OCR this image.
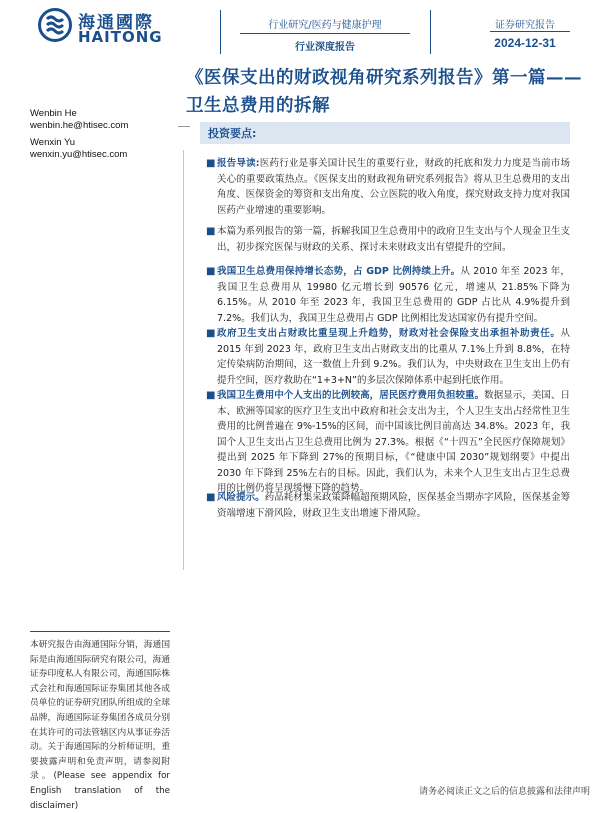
海通國際
HAITONG
行业研究/医药与健康护理
行业深度报告
证券研究报告
2024-12-31
《医保支出的财政视角研究系列报告》第一篇——卫生总费用的拆解
Wenbin He
wenbin.he@htisec.com
Wenxin Yu
wenxin.yu@htisec.com
投资要点:
■ 报告导读:医药行业是事关国计民生的重要行业，财政的托底和发力力度是当前市场关心的重要政策热点。《医保支出的财政视角研究系列报告》将从卫生总费用的支出角度、医保资金的筹资和支出角度、公立医院的收入角度，探究财政支持力度对我国医药产业增速的重要影响。
■ 本篇为系列报告的第一篇，拆解我国卫生总费用中的政府卫生支出与个人现金卫生支出，初步探究医保与财政的关系、探讨未来财政支出有望提升的空间。
■ 我国卫生总费用保持增长态势，占 GDP 比例持续上升。从 2010 年至 2023 年，我国卫生总费用从 19980 亿元增长到 90576 亿元，增速从 21.85%下降为 6.15%。从 2010 年至 2023 年，我国卫生总费用的 GDP 占比从 4.9%提升到 7.2%。我们认为，我国卫生总费用占 GDP 比例相比发达国家仍有提升空间。
■ 政府卫生支出占财政比重呈现上升趋势，财政对社会保险支出承担补助责任。从 2015 年到 2023 年，政府卫生支出占财政支出的比重从 7.1%上升到 8.8%，在特定传染病防治期间，这一数值上升到 9.2%。我们认为，中央财政在卫生支出上仍有提升空间，医疗救助在“1+3+N”的多层次保障体系中起到托底作用。
■ 我国卫生费用中个人支出的比例较高，居民医疗费用负担较重。数据显示，美国、日本、欧洲等国家的医疗卫生支出中政府和社会支出为主，个人卫生支出占经常性卫生费用的比例普遍在 9%-15%的区间，而中国该比例目前高达 34.8%。2023 年，我国个人卫生支出占卫生总费用比例为 27.3%。根据《“十四五”全民医疗保障规划》提出到 2025 年下降到 27%的预期目标，《“健康中国 2030”规划纲要》中提出 2030 年下降到 25%左右的目标。因此，我们认为，未来个人卫生支出占卫生总费用的比例仍将呈现缓慢下降的趋势。
■ 风险提示。药品耗材集采政策降幅超预期风险，医保基金当期赤字风险，医保基金筹资端增速下滑风险，财政卫生支出增速下滑风险。
本研究报告由海通国际分销，海通国际是由海通国际研究有限公司，海通证券印度私人有限公司，海通国际株式会社和海通国际证券集团其他各成员单位的证券研究团队所组成的全球品牌，海通国际证券集团各成员分别在其许可的司法管辖区内从事证券活动。关于海通国际的分析师证明，重要披露声明和免责声明，请参阅附录。(Please see appendix for English translation of the disclaimer)
请务必阅读正文之后的信息披露和法律声明
